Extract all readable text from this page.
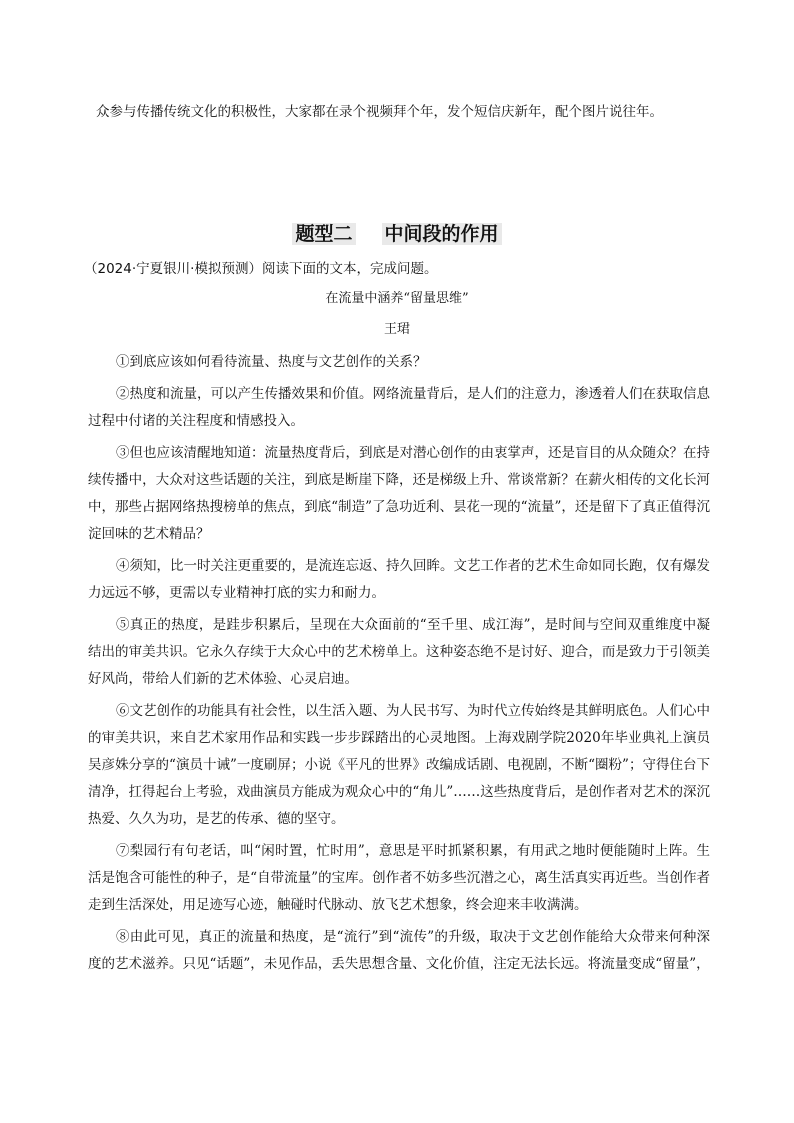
众参与传播传统文化的积极性，大家都在录个视频拜个年，发个短信庆新年，配个图片说往年。
题型二 中间段的作用
（2024·宁夏银川·模拟预测）阅读下面的文本，完成问题。
在流量中涵养“留量思维”
王珺

①到底应该如何看待流量、热度与文艺创作的关系？

②热度和流量，可以产生传播效果和价值。网络流量背后，是人们的注意力，渗透着人们在获取信息过程中付诸的关注程度和情感投入。

③但也应该清醒地知道：流量热度背后，到底是对潜心创作的由衷掌声，还是盲目的从众随众？在持续传播中，大众对这些话题的关注，到底是断崖下降，还是梯级上升、常谈常新？在薪火相传的文化长河中，那些占据网络热搜榜单的焦点，到底“制造”了急功近利、昙花一现的“流量”，还是留下了真正值得沉淀回味的艺术精品？

④须知，比一时关注更重要的，是流连忘返、持久回眸。文艺工作者的艺术生命如同长跑，仅有爆发力远远不够，更需以专业精神打底的实力和耐力。

⑤真正的热度，是跬步积累后，呈现在大众面前的“至千里、成江海”，是时间与空间双重维度中凝结出的审美共识。它永久存续于大众心中的艺术榜单上。这种姿态绝不是讨好、迎合，而是致力于引领美好风尚，带给人们新的艺术体验、心灵启迪。

⑥文艺创作的功能具有社会性，以生活入题、为人民书写、为时代立传始终是其鲜明底色。人们心中的审美共识，来自艺术家用作品和实践一步步踩踏出的心灵地图。上海戏剧学院2020年毕业典礼上演员吴彦姝分享的“演员十诫”一度刷屏；小说《平凡的世界》改编成话剧、电视剧，不断“圈粉”；守得住台下清净，扛得起台上考验，戏曲演员方能成为观众心中的“角儿”……这些热度背后，是创作者对艺术的深沉热爱、久久为功，是艺的传承、德的坚守。

⑦梨园行有句老话，叫“闲时置，忙时用”，意思是平时抓紧积累，有用武之地时便能随时上阵。生活是饱含可能性的种子，是“自带流量”的宝库。创作者不妨多些沉潜之心，离生活真实再近些。当创作者走到生活深处，用足迹写心迹，触碰时代脉动、放飞艺术想象，终会迎来丰收满满。

⑧由此可见，真正的流量和热度，是“流行”到“流传”的升级，取决于文艺创作能给大众带来何种深度的艺术滋养。只见“话题”，未见作品，丢失思想含量、文化价值，注定无法长远。将流量变成“留量”，
